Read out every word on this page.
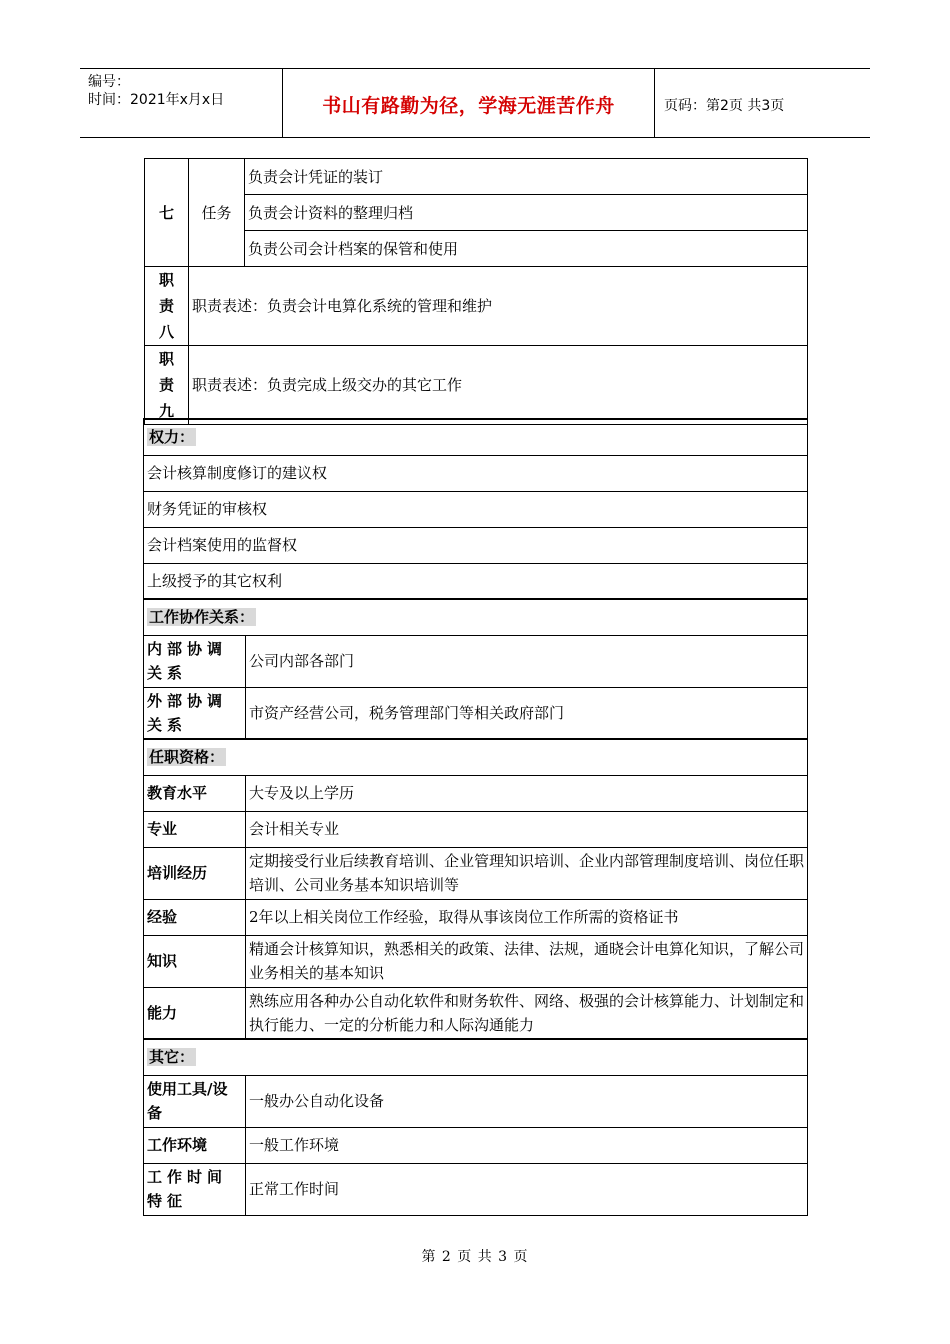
编号：
时间：2021年x月x日	书山有路勤为径，学海无涯苦作舟	页码：第2页 共3页
七	任务	负责会计凭证的装订
		负责会计资料的整理归档
		负责公司会计档案的保管和使用

职
责
八	职责表述：负责会计电算化系统的管理和维护	

职
责
九	职责表述：负责完成上级交办的其它工作	
权力：	
会计核算制度修订的建议权	
财务凭证的审核权	
会计档案使用的监督权	
上级授予的其它权利	
工作协作关系：	
内部协调关系	公司内部各部门
外部协调关系	市资产经营公司，税务管理部门等相关政府部门
任职资格：	
教育水平	大专及以上学历
专业	会计相关专业
培训经历	定期接受行业后续教育培训、企业管理知识培训、企业内部管理制度培训、岗位任职培训、公司业务基本知识培训等
经验	2年以上相关岗位工作经验，取得从事该岗位工作所需的资格证书
知识	精通会计核算知识，熟悉相关的政策、法律、法规，通晓会计电算化知识，了解公司业务相关的基本知识
能力	熟练应用各种办公自动化软件和财务软件、网络、极强的会计核算能力、计划制定和执行能力、一定的分析能力和人际沟通能力
其它：	
使用工具/设备	一般办公自动化设备
工作环境	一般工作环境
工作时间特征	正常工作时间
第 2 页 共 3 页
